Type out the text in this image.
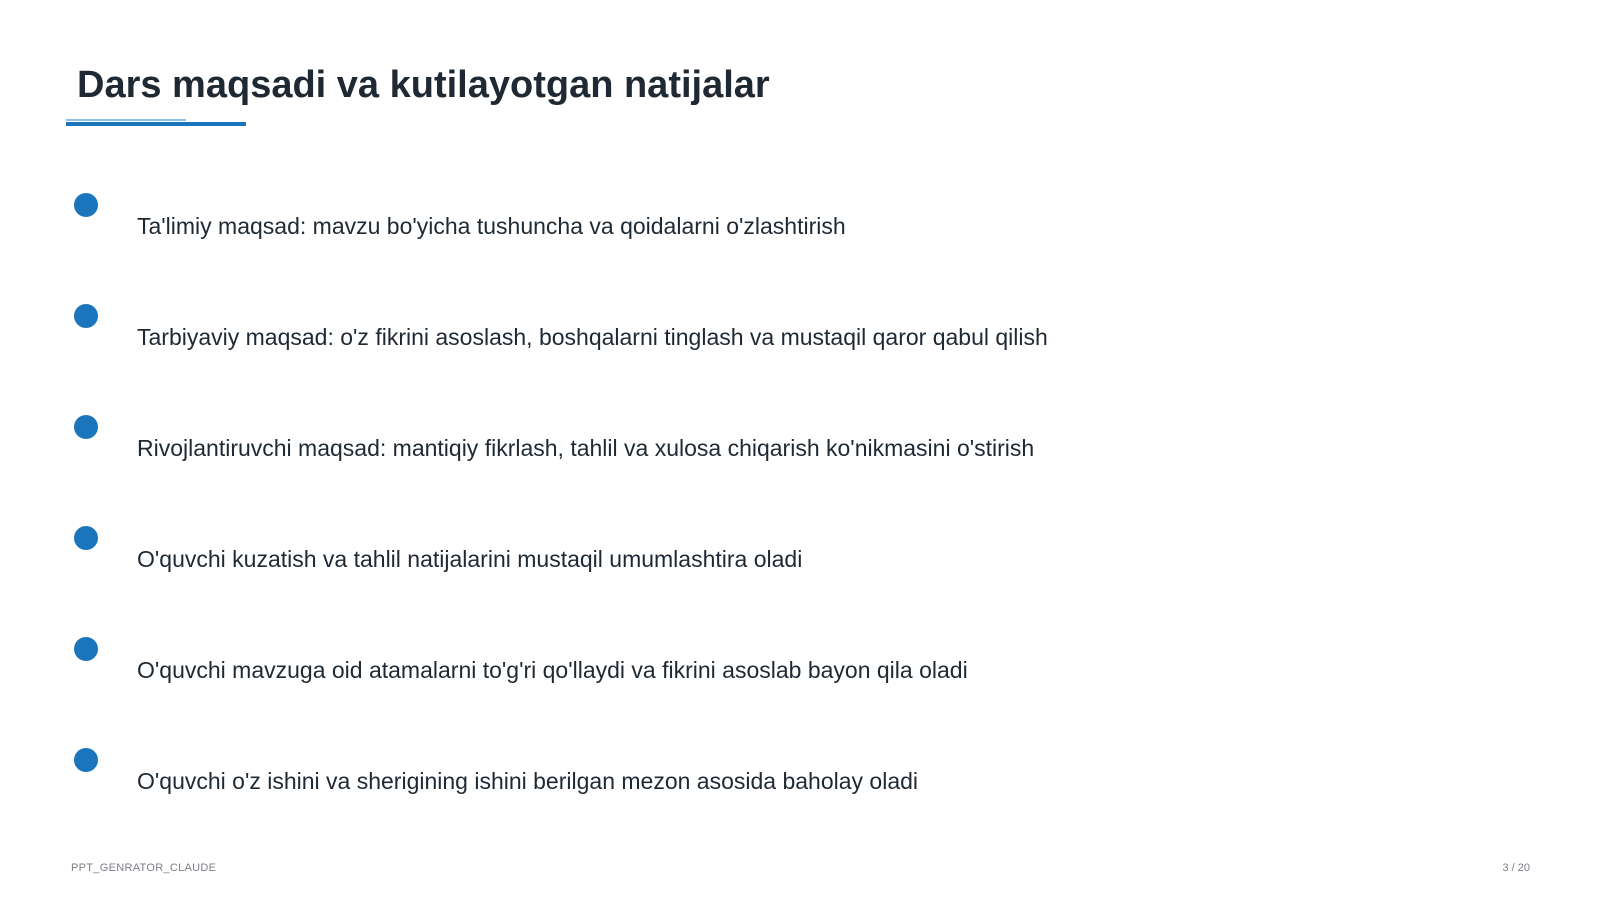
Dars maqsadi va kutilayotgan natijalar
Ta'limiy maqsad: mavzu bo'yicha tushuncha va qoidalarni o'zlashtirish
Tarbiyaviy maqsad: o'z fikrini asoslash, boshqalarni tinglash va mustaqil qaror qabul qilish
Rivojlantiruvchi maqsad: mantiqiy fikrlash, tahlil va xulosa chiqarish ko'nikmasini o'stirish
O'quvchi kuzatish va tahlil natijalarini mustaqil umumlashtira oladi
O'quvchi mavzuga oid atamalarni to'g'ri qo'llaydi va fikrini asoslab bayon qila oladi
O'quvchi o'z ishini va sherigining ishini berilgan mezon asosida baholay oladi
PPT_GENRATOR_CLAUDE	3 / 20
